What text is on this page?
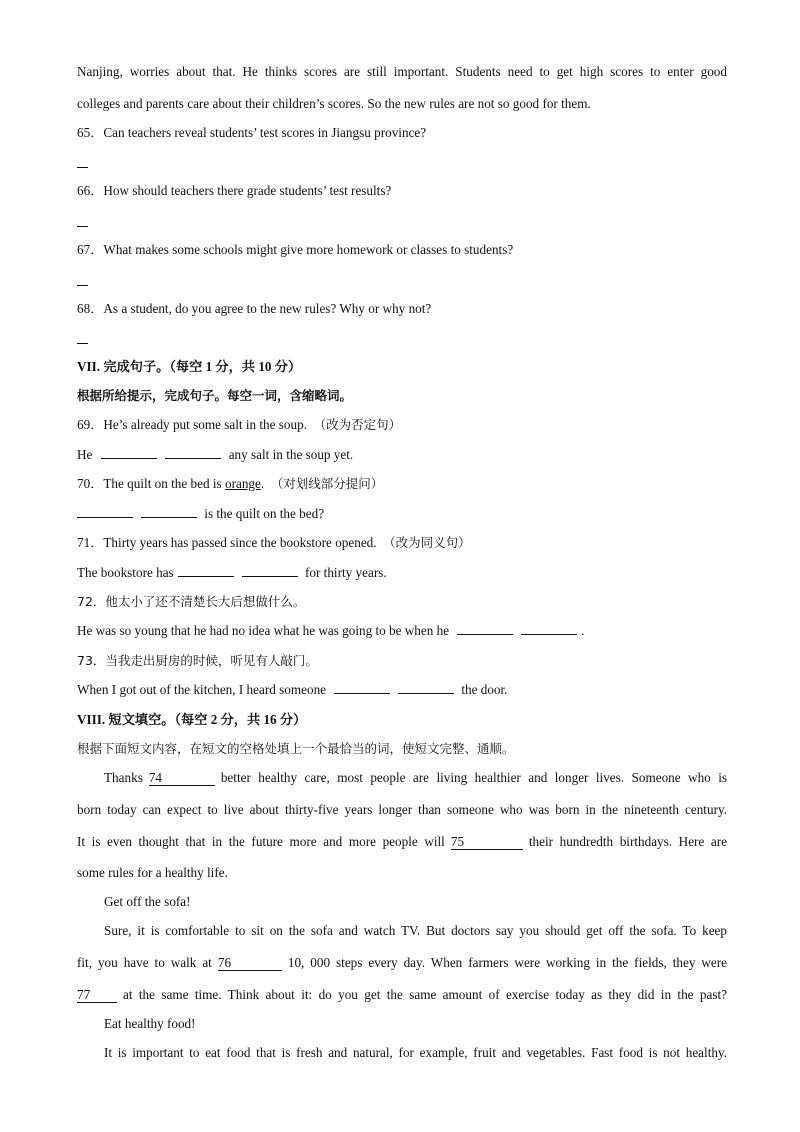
Nanjing, worries about that. He thinks scores are still important. Students need to get high scores to enter good
colleges and parents care about their children’s scores. So the new rules are not so good for them.
65．Can teachers reveal students’ test scores in Jiangsu province?
66．How should teachers there grade students’ test results?
67．What makes some schools might give more homework or classes to students?
68．As a student, do you agree to the new rules? Why or why not?
VII. 完成句子。（每空 1 分，共 10 分）
根据所给提示，完成句子。每空一词，含缩略词。
69．He’s already put some salt in the soup. （改为否定句）
He	any salt in the soup yet.
70．The quilt on the bed is orange. （对划线部分提问）
is the quilt on the bed?
71．Thirty years has passed since the bookstore opened. （改为同义句）
The bookstore has	for thirty years.
72．他太小了还不清楚长大后想做什么。
He was so young that he had no idea what he was going to be when he	.
73．当我走出厨房的时候，听见有人敲门。
When I got out of the kitchen, I heard someone	the door.
VIII. 短文填空。（每空 2 分，共 16 分）
根据下面短文内容，在短文的空格处填上一个最恰当的词，使短文完整、通顺。
Thanks 74	better healthy care, most people are living healthier and longer lives. Someone who is
born today can expect to live about thirty-five years longer than someone who was born in the nineteenth century.
It is even thought that in the future more and more people will 75	their hundredth birthdays. Here are
some rules for a healthy life.
Get off the sofa!
Sure, it is comfortable to sit on the sofa and watch TV. But doctors say you should get off the sofa. To keep
fit, you have to walk at 76	10, 000 steps every day. When farmers were working in the fields, they were
77 at the same time. Think about it: do you get the same amount of exercise today as they did in the past?
Eat healthy food!
It is important to eat food that is fresh and natural, for example, fruit and vegetables. Fast food is not healthy.
